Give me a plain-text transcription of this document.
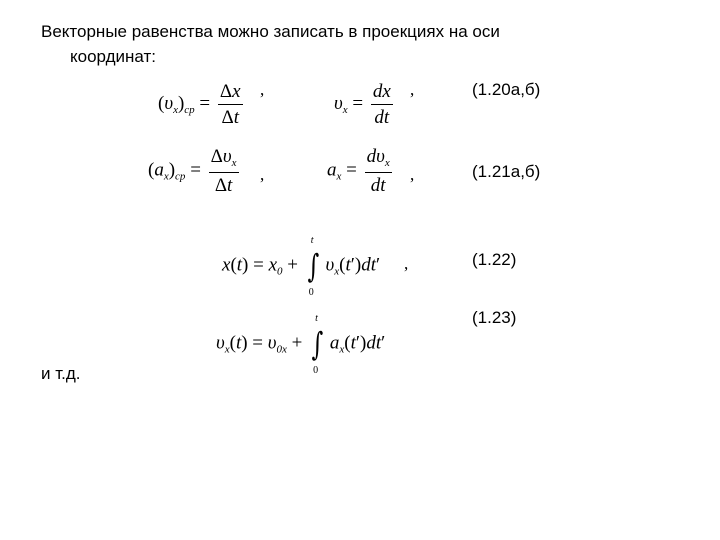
Векторные равенства можно записать в проекциях на оси
координат:
$(\upsilon_x)_{ср} = \frac{\Delta x}{\Delta t}$ ,
$\upsilon_x = \frac{dx}{dt}$ ,	(1.20а,б)
$(a_x)_{ср} = \frac{\Delta\upsilon_x}{\Delta t}$ ,	$a_x = \frac{d\upsilon_x}{dt}$ ,	(1.21а,б)
$x(t) = x_0$ + ∫
t
0
$\upsilon_x(t')dt'$ ,	(1.22)
(1.23)
$\upsilon_x(t) = \upsilon_{0x}$ + ∫
t
0
$a_x(t')dt'$
и т.д.
